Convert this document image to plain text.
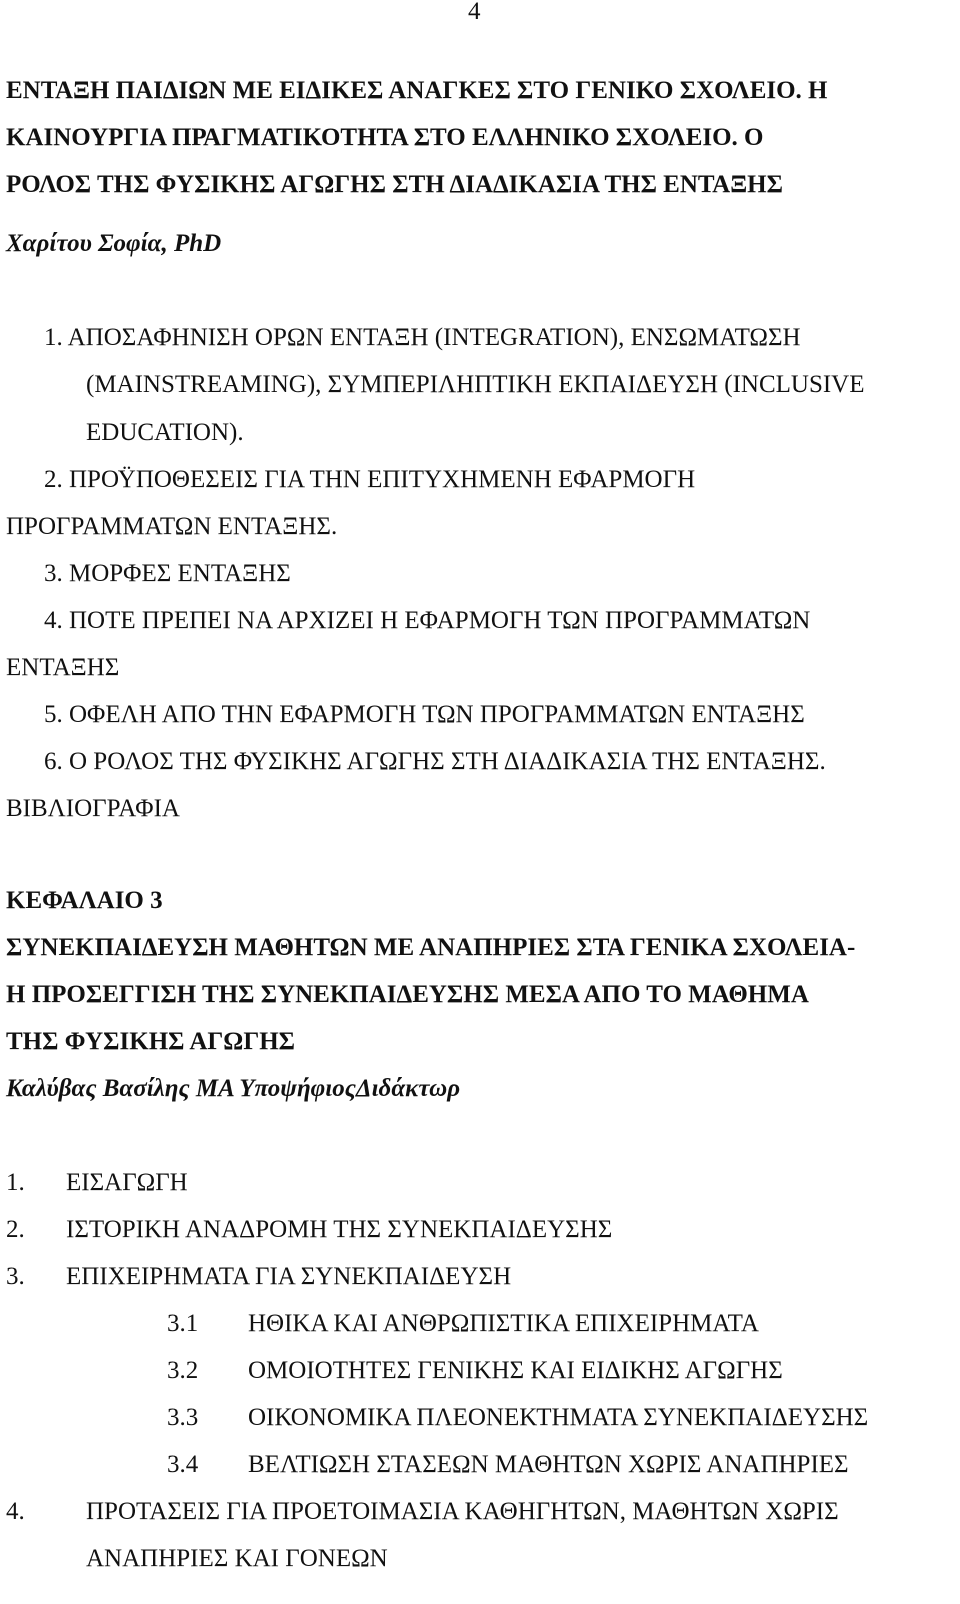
4

ΕΝΤΑΞΗ ΠΑΙΔΙΩΝ ΜΕ ΕΙΔΙΚΕΣ ΑΝΑΓΚΕΣ ΣΤΟ ΓΕΝΙΚΟ ΣΧΟΛΕΙΟ. Η

ΚΑΙΝΟΥΡΓΙΑ ΠΡΑΓΜΑΤΙΚΟΤΗΤΑ ΣΤΟ ΕΛΛΗΝΙΚΟ ΣΧΟΛΕΙΟ. Ο

ΡΟΛΟΣ ΤΗΣ ΦΥΣΙΚΗΣ ΑΓΩΓΗΣ ΣΤΗ ΔΙΑΔΙΚΑΣΙΑ ΤΗΣ ΕΝΤΑΞΗΣ

Χαρίτου Σοφία, PhD

1. ΑΠΟΣΑΦΗΝΙΣΗ ΟΡΩΝ ΕΝΤΑΞΗ (INTEGRATION), ΕΝΣΩΜΑΤΩΣΗ

(MAINSTREAMING), ΣΥΜΠΕΡΙΛΗΠΤΙΚΗ ΕΚΠΑΙΔΕΥΣΗ (INCLUSIVE

EDUCATION).

2. ΠΡΟΫΠΟΘΕΣΕΙΣ ΓΙΑ ΤΗΝ ΕΠΙΤΥΧΗΜΕΝΗ ΕΦΑΡΜΟΓΗ

ΠΡΟΓΡΑΜΜΑΤΩΝ ΕΝΤΑΞΗΣ.

3. ΜΟΡΦΕΣ ΕΝΤΑΞΗΣ

4. ΠΟΤΕ ΠΡΕΠΕΙ ΝΑ ΑΡΧΙΖΕΙ Η ΕΦΑΡΜΟΓΗ ΤΩΝ ΠΡΟΓΡΑΜΜΑΤΩΝ

ΕΝΤΑΞΗΣ

5. ΟΦΕΛΗ ΑΠΟ ΤΗΝ ΕΦΑΡΜΟΓΗ ΤΩΝ ΠΡΟΓΡΑΜΜΑΤΩΝ ΕΝΤΑΞΗΣ

6. Ο ΡΟΛΟΣ ΤΗΣ ΦΥΣΙΚΗΣ ΑΓΩΓΗΣ ΣΤΗ ΔΙΑΔΙΚΑΣΙΑ ΤΗΣ ΕΝΤΑΞΗΣ.

ΒΙΒΛΙΟΓΡΑΦΙΑ

ΚΕΦΑΛΑΙΟ 3

ΣΥΝΕΚΠΑΙΔΕΥΣΗ ΜΑΘΗΤΩΝ ΜΕ ΑΝΑΠΗΡΙΕΣ ΣΤΑ ΓΕΝΙΚΑ ΣΧΟΛΕΙΑ-

Η ΠΡΟΣΕΓΓΙΣΗ ΤΗΣ ΣΥΝΕΚΠΑΙΔΕΥΣΗΣ ΜΕΣΑ ΑΠΟ ΤΟ ΜΑΘΗΜΑ

ΤΗΣ ΦΥΣΙΚΗΣ ΑΓΩΓΗΣ

Καλύβας Βασίλης ΜΑ ΥποψήφιοςΔιδάκτωρ

1. ΕΙΣΑΓΩΓΗ
2. ΙΣΤΟΡΙΚΗ ΑΝΑΔΡΟΜΗ ΤΗΣ ΣΥΝΕΚΠΑΙΔΕΥΣΗΣ
3. ΕΠΙΧΕΙΡΗΜΑΤΑ ΓΙΑ ΣΥΝΕΚΠΑΙΔΕΥΣΗ
3.1 ΗΘΙΚΑ ΚΑΙ ΑΝΘΡΩΠΙΣΤΙΚΑ ΕΠΙΧΕΙΡΗΜΑΤΑ
3.2 ΟΜΟΙΟΤΗΤΕΣ ΓΕΝΙΚΗΣ ΚΑΙ ΕΙΔΙΚΗΣ ΑΓΩΓΗΣ
3.3 ΟΙΚΟΝΟΜΙΚΑ ΠΛΕΟΝΕΚΤΗΜΑΤΑ ΣΥΝΕΚΠΑΙΔΕΥΣΗΣ
3.4 ΒΕΛΤΙΩΣΗ ΣΤΑΣΕΩΝ ΜΑΘΗΤΩΝ ΧΩΡΙΣ ΑΝΑΠΗΡΙΕΣ
4. ΠΡΟΤΑΣΕΙΣ ΓΙΑ ΠΡΟΕΤΟΙΜΑΣΙΑ ΚΑΘΗΓΗΤΩΝ, ΜΑΘΗΤΩΝ ΧΩΡΙΣ
ΑΝΑΠΗΡΙΕΣ ΚΑΙ ΓΟΝΕΩΝ
